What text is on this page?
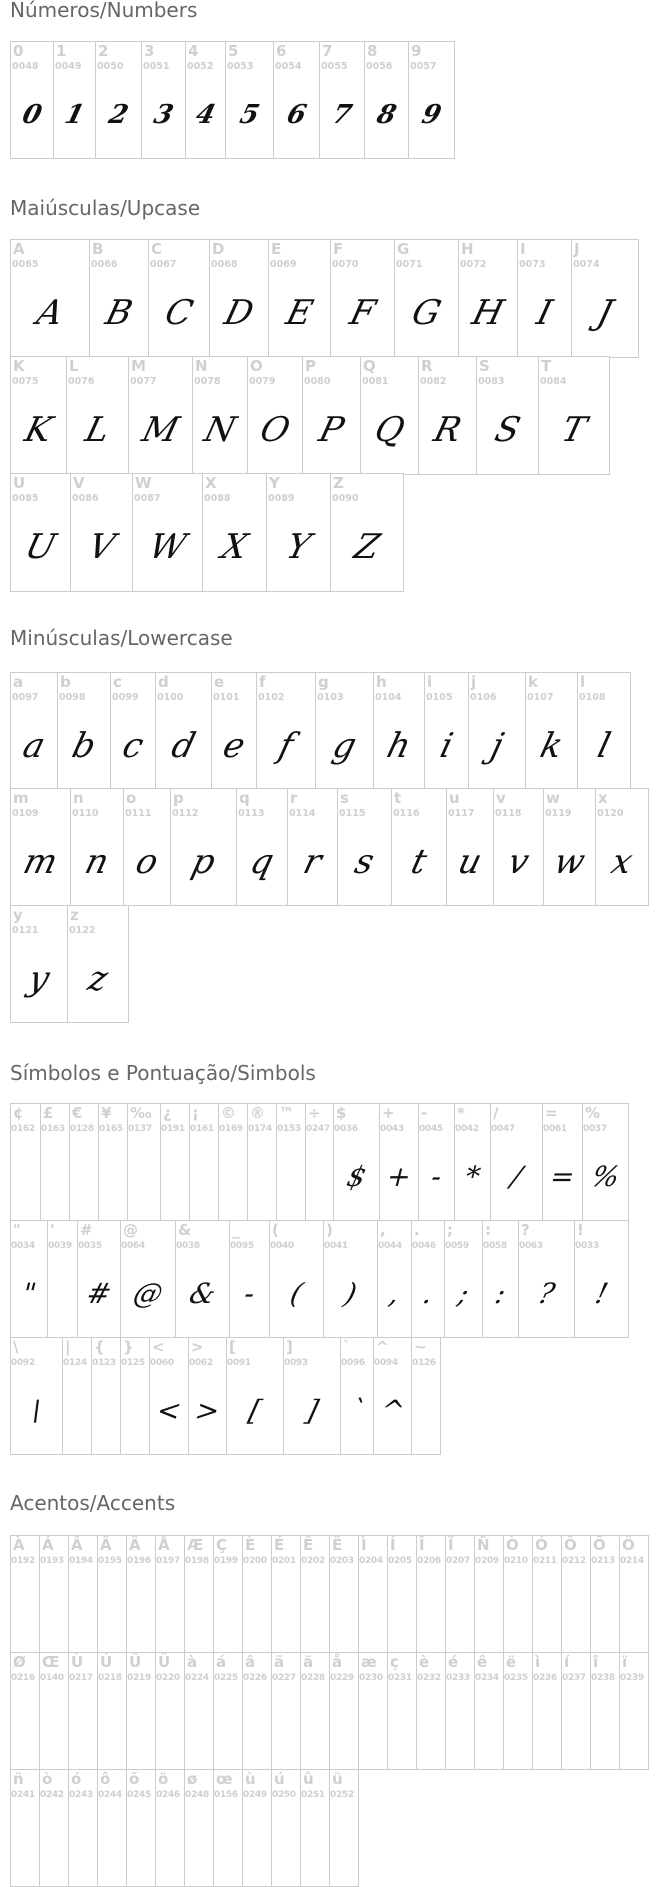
Números/Numbers
Maiúsculas/Upcase
Minúsculas/Lowercase
Símbolos e Pontuação/Simbols
Acentos/Accents
0
0048
0
1
0049
1
2
0050
2
3
0051
3
4
0052
4
5
0053
5
6
0054
6
7
0055
7
8
0056
8
9
0057
9
A
0065
A
B
0066
B
C
0067
C
D
0068
D
E
0069
E
F
0070
F
G
0071
G
H
0072
H
I
0073
I
J
0074
J
K
0075
K
L
0076
L
M
0077
M
N
0078
N
O
0079
O
P
0080
P
Q
0081
Q
R
0082
R
S
0083
S
T
0084
T
U
0085
U
V
0086
V
W
0087
W
X
0088
X
Y
0089
Y
Z
0090
Z
a
0097
a
b
0098
b
c
0099
c
d
0100
d
e
0101
e
f
0102
f
g
0103
g
h
0104
h
i
0105
i
j
0106
j
k
0107
k
l
0108
l
m
0109
m
n
0110
n
o
0111
o
p
0112
p
q
0113
q
r
0114
r
s
0115
s
t
0116
t
u
0117
u
v
0118
v
w
0119
w
x
0120
x
y
0121
y
z
0122
z
¢
0162
£
0163
€
0128
¥
0165
‰
0137
¿
0191
¡
0161
©
0169
®
0174
™
0153
÷
0247
$
0036
$
+
0043
+
-
0045
-
*
0042
*
/
0047
/
=
0061
=
%
0037
%
"
0034
"
'
0039
#
0035
#
@
0064
@
&
0038
&
_
0095
-
(
0040
(
)
0041
)
,
0044
,
.
0046
.
;
0059
;
:
0058
:
?
0063
?
!
0033
!
\
0092
\
|
0124
{
0123
}
0125
<
0060
<
>
0062
>
[
0091
[
]
0093
]
`
0096
`
^
0094
^
~
0126
À
0192
Á
0193
Â
0194
Ã
0195
Ä
0196
Å
0197
Æ
0198
Ç
0199
È
0200
É
0201
Ê
0202
Ë
0203
Ì
0204
Í
0205
Î
0206
Ï
0207
Ñ
0209
Ò
0210
Ó
0211
Ô
0212
Õ
0213
Ö
0214
Ø
0216
Œ
0140
Ù
0217
Ú
0218
Û
0219
Ü
0220
à
0224
á
0225
â
0226
ã
0227
ä
0228
å
0229
æ
0230
ç
0231
è
0232
é
0233
ê
0234
ë
0235
ì
0236
í
0237
î
0238
ï
0239
ñ
0241
ò
0242
ó
0243
ô
0244
õ
0245
ö
0246
ø
0248
œ
0156
ù
0249
ú
0250
û
0251
ü
0252
